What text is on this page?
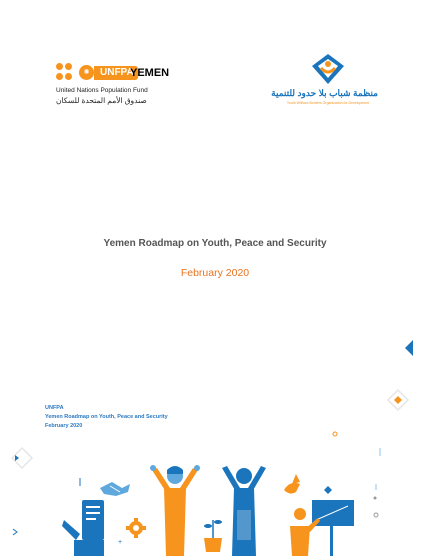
✺	UNFPA
YEMEN
United Nations Population Fund
صندوق الأمم المتحدة للسكان
منظمة شباب بلا حدود للتنمية
Youth Without Borders Organization for Development
Yemen Roadmap on Youth, Peace and Security
February 2020
UNFPA
Yemen Roadmap on Youth, Peace and Security
February 2020
+
